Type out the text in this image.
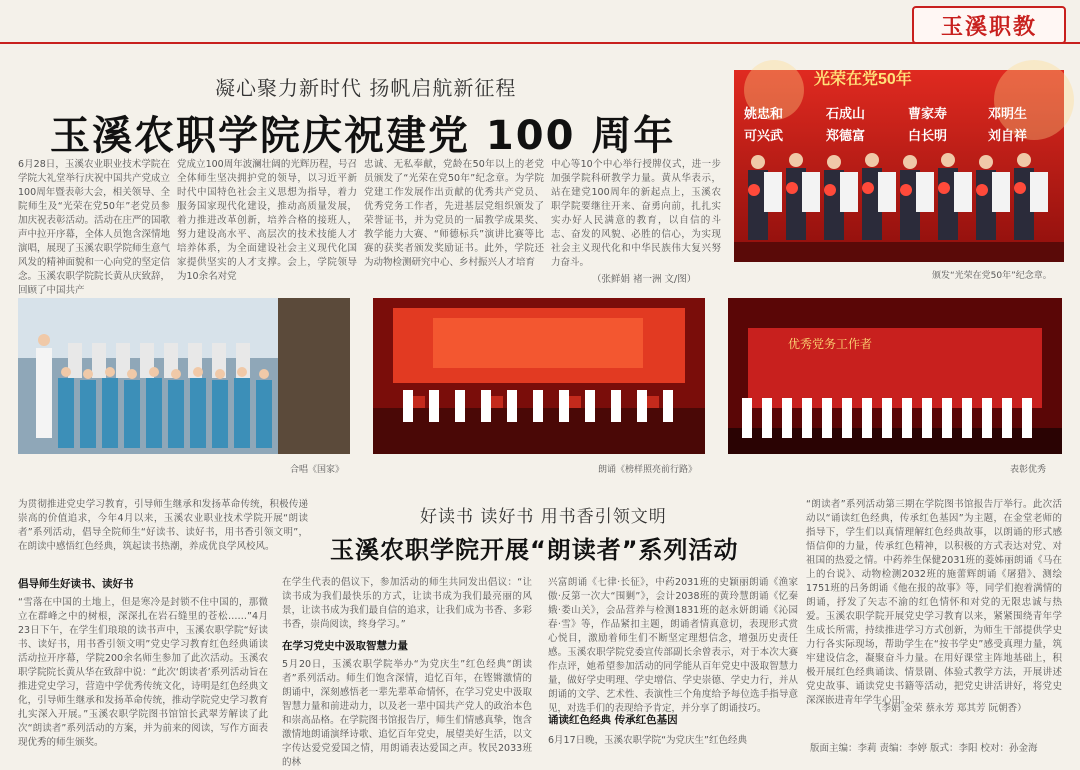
玉溪职教
凝心聚力新时代 扬帆启航新征程
玉溪农职学院庆祝建党 100 周年
6月28日，玉溪农业职业技术学院在学院大礼堂举行庆祝中国共产党成立100周年暨表彰大会，相关领导、全院师生及“光荣在党50年”老党员参加庆祝表彰活动。活动在庄严的国歌声中拉开序幕，全体人员饱含深情地演唱，展现了玉溪农职学院师生意气风发的精神面貌和一心向党的坚定信念。玉溪农职学院院长黄从庆致辞，回顾了中国共产
党成立100周年波澜壮阔的光辉历程，号召全体师生坚决拥护党的领导，以习近平新时代中国特色社会主义思想为指导，着力服务国家现代化建设，推动高质量发展，着力推进改革创新，培养合格的接班人，努力建设高水平、高层次的技术技能人才培养体系，为全面建设社会主义现代化国家提供坚实的人才支撑。会上，学院领导为10余名对党
忠诚、无私奉献，党龄在50年以上的老党员颁发了“光荣在党50年”纪念章。为学院党建工作发展作出贡献的优秀共产党员、优秀党务工作者，先进基层党组织颁发了荣誉证书，并为党员的一届教学成果奖、教学能力大赛、“师德标兵”演讲比赛等比赛的获奖者颁发奖励证书。此外，学院还为动物检测研究中心、乡村振兴人才培育
中心等10个中心举行授牌仪式，进一步加强学院科研教学力量。黄从华表示，站在建党100周年的新起点上，玉溪农职学院要继往开来、奋勇向前，扎扎实实办好人民满意的教育，以自信的斗志、奋发的风貌、必胜的信心，为实现社会主义现代化和中华民族伟大复兴努力奋斗。
（张鲜娟 褚一洲 文/图）
光荣在党50年
姚忠和	石成山	曹家寿	邓明生
可兴武	郑德富	白长明	刘自祥
颁发“光荣在党50年”纪念章。
合唱《国家》	朗诵《榜样照亮前行路》
优秀党务工作者
表彰优秀
好读书 读好书 用书香引领文明
玉溪农职学院开展“朗读者”系列活动
为贯彻推进党史学习教育，引导师生继承和发扬革命传统，积极传递崇高的价值追求，今年4月以来，玉溪农业职业技术学院开展“朗读者”系列活动，倡导全院师生“好读书、读好书，用书香引领文明”，在朗读中感悟红色经典，筑起读书热潮，养成优良学风校风。
倡导师生好读书、读好书
“雪落在中国的土地上，但是寒冷是封锁不住中国的，那微立在群峰之中的树根，深深扎在岩石缝里的苍松……”4月23日下午，在学生们琅琅的读书声中，玉溪农职学院“好读书、读好书，用书香引领文明”党史学习教育红色经典诵读活动拉开序幕，学院200余名师生参加了此次活动。玉溪农职学院院长黄从华在致辞中说：“此次‘朗读者’系列活动旨在推进党史学习，营造中学优秀传统文化，诗明是红色经典文化，引导师生继承和发扬革命传统，推动学院党史学习教育扎实深入开展。”玉溪农职学院图书馆馆长武翠芳解读了此次“朗读者”系列活动的方案，并为前来的阅读，写作方面表现优秀的师生颁奖。
在学生代表的倡议下，参加活动的师生共同发出倡议：“让读书成为我们最快乐的方式，让读书成为我们最亮丽的风景，让读书成为我们最自信的追求，让我们成为书香、多彩书香，崇尚阅读，终身学习。”
在学习党史中汲取智慧力量
5月20日，玉溪农职学院举办“为党庆生”红色经典“朗读者”系列活动。师生们饱含深情，追忆百年，在铿锵激情的朗诵中，深刻感悟老一辈先辈革命情怀，在学习党史中汲取智慧力量和前进动力，以及老一辈中国共产党人的政治本色和崇高品格。在学院图书馆报告厅，师生们情感真挚，饱含激情地朗诵演绎诗歌、追忆百年党史，展望美好生活，以文字传达爱党爱国之情，用朗诵表达爱国之声。牧民2033班的林
兴富朗诵《七律·长征》，中药2031班的史颖丽朗诵《渔家傲·反第一次大“围剿”》，会计2038班的黄玲慧朗诵《忆秦娥·娄山关》，会品营养与检测1831班的赵永妍朗诵《沁园春·雪》等，作品紧扣主题，朗诵者情真意切，表现形式赏心悦目，激励着师生们不断坚定理想信念，增强历史责任感。玉溪农职学院党委宣传部副长余曾表示，对于本次大赛作点评，她希望参加活动的同学能从百年党史中汲取智慧力量，做好学史明理、学史增信、学史崇德、学史力行，并从朗诵的文学、艺术性、表演性三个角度给予每位选手指导意见，对选手们的表现给予肯定，并分享了朗诵技巧。
诵读红色经典 传承红色基因
6月17日晚，玉溪农职学院“为党庆生”红色经典
“朗读者”系列活动第三期在学院图书馆报告厅举行。此次活动以“诵读红色经典，传承红色基因”为主题，在金堂老师的指导下，学生们以真情理解红色经典故事，以朗诵的形式感悟信仰的力量，传承红色精神，以积极的方式表达对党、对祖国的热爱之情。中药养生保健2031班的菱姊丽朗诵《马在上的台说》、动物检测2032班的施蕾辉朗诵《屠猎》、测绘1751班的吕务朗诵《他在报的故事》等，同学们抱着满情的朗诵，抒发了矢志不渝的红色情怀和对党的无限忠诚与热爱。玉溪农职学院开展党史学习教育以来，紧紧围绕青年学生成长所需，持续推进学习方式创新，为师生干部提供学史力行各实际现场，帮助学生在“按书学史”感受真理力量，筑牢建设信念，凝聚奋斗力量。在用好课堂主阵地基础上，积极开展红色经典诵读、情景剧、体验式教学方法，开展讲述党史故事、诵读党史书籍等活动，把党史讲活讲好，将党史深深嵌进青年学生心田。
（李娟 金荣 蔡永芳 郑其芳 阮朝香）
版面主编：李莉 责编：李婷 版式：李阳 校对：孙金海
